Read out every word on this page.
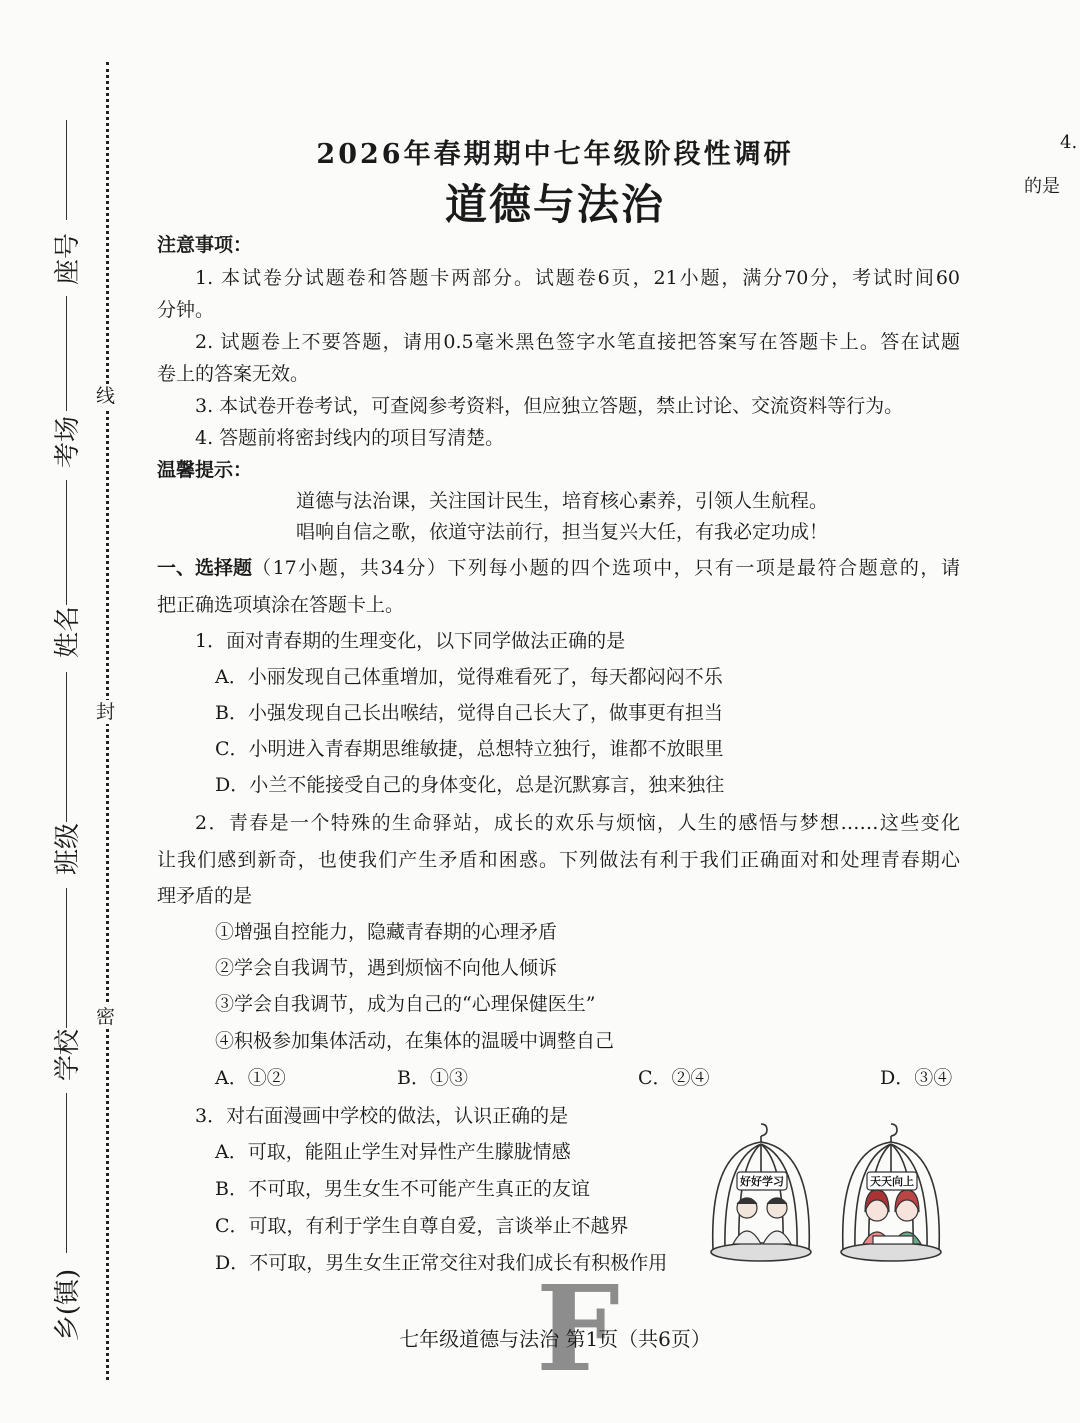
线
封
密
座号
考场
姓名
班级
学校
乡(镇)
2026年春期期中七年级阶段性调研
道德与法治
4.
的是
注意事项：
1. 本试卷分试题卷和答题卡两部分。试题卷6页，21小题，满分70分，考试时间60
分钟。
2. 试题卷上不要答题，请用0.5毫米黑色签字水笔直接把答案写在答题卡上。答在试题
卷上的答案无效。
3. 本试卷开卷考试，可查阅参考资料，但应独立答题，禁止讨论、交流资料等行为。
4. 答题前将密封线内的项目写清楚。
温馨提示：
道德与法治课，关注国计民生，培育核心素养，引领人生航程。
唱响自信之歌，依道守法前行，担当复兴大任，有我必定功成！
一、选择题 （17小题，共34分）下列每小题的四个选项中，只有一项是最符合题意的，请
把正确选项填涂在答题卡上。
1．面对青春期的生理变化，以下同学做法正确的是
A．小丽发现自己体重增加，觉得难看死了，每天都闷闷不乐
B．小强发现自己长出喉结，觉得自己长大了，做事更有担当
C．小明进入青春期思维敏捷，总想特立独行，谁都不放眼里
D．小兰不能接受自己的身体变化，总是沉默寡言，独来独往
2．青春是一个特殊的生命驿站，成长的欢乐与烦恼，人生的感悟与梦想……这些变化
让我们感到新奇，也使我们产生矛盾和困惑。下列做法有利于我们正确面对和处理青春期心
理矛盾的是
①增强自控能力，隐藏青春期的心理矛盾
②学会自我调节，遇到烦恼不向他人倾诉
③学会自我调节，成为自己的“心理保健医生”
④积极参加集体活动，在集体的温暖中调整自己
A．①②	B．①③	C．②④	D．③④
3．对右面漫画中学校的做法，认识正确的是
A．可取，能阻止学生对异性产生朦胧情感
B．不可取，男生女生不可能产生真正的友谊
C．可取，有利于学生自尊自爱，言谈举止不越界
D．不可取，男生女生正常交往对我们成长有积极作用
好好学习	天天向上
F
七年级道德与法治 第1页（共6页）
